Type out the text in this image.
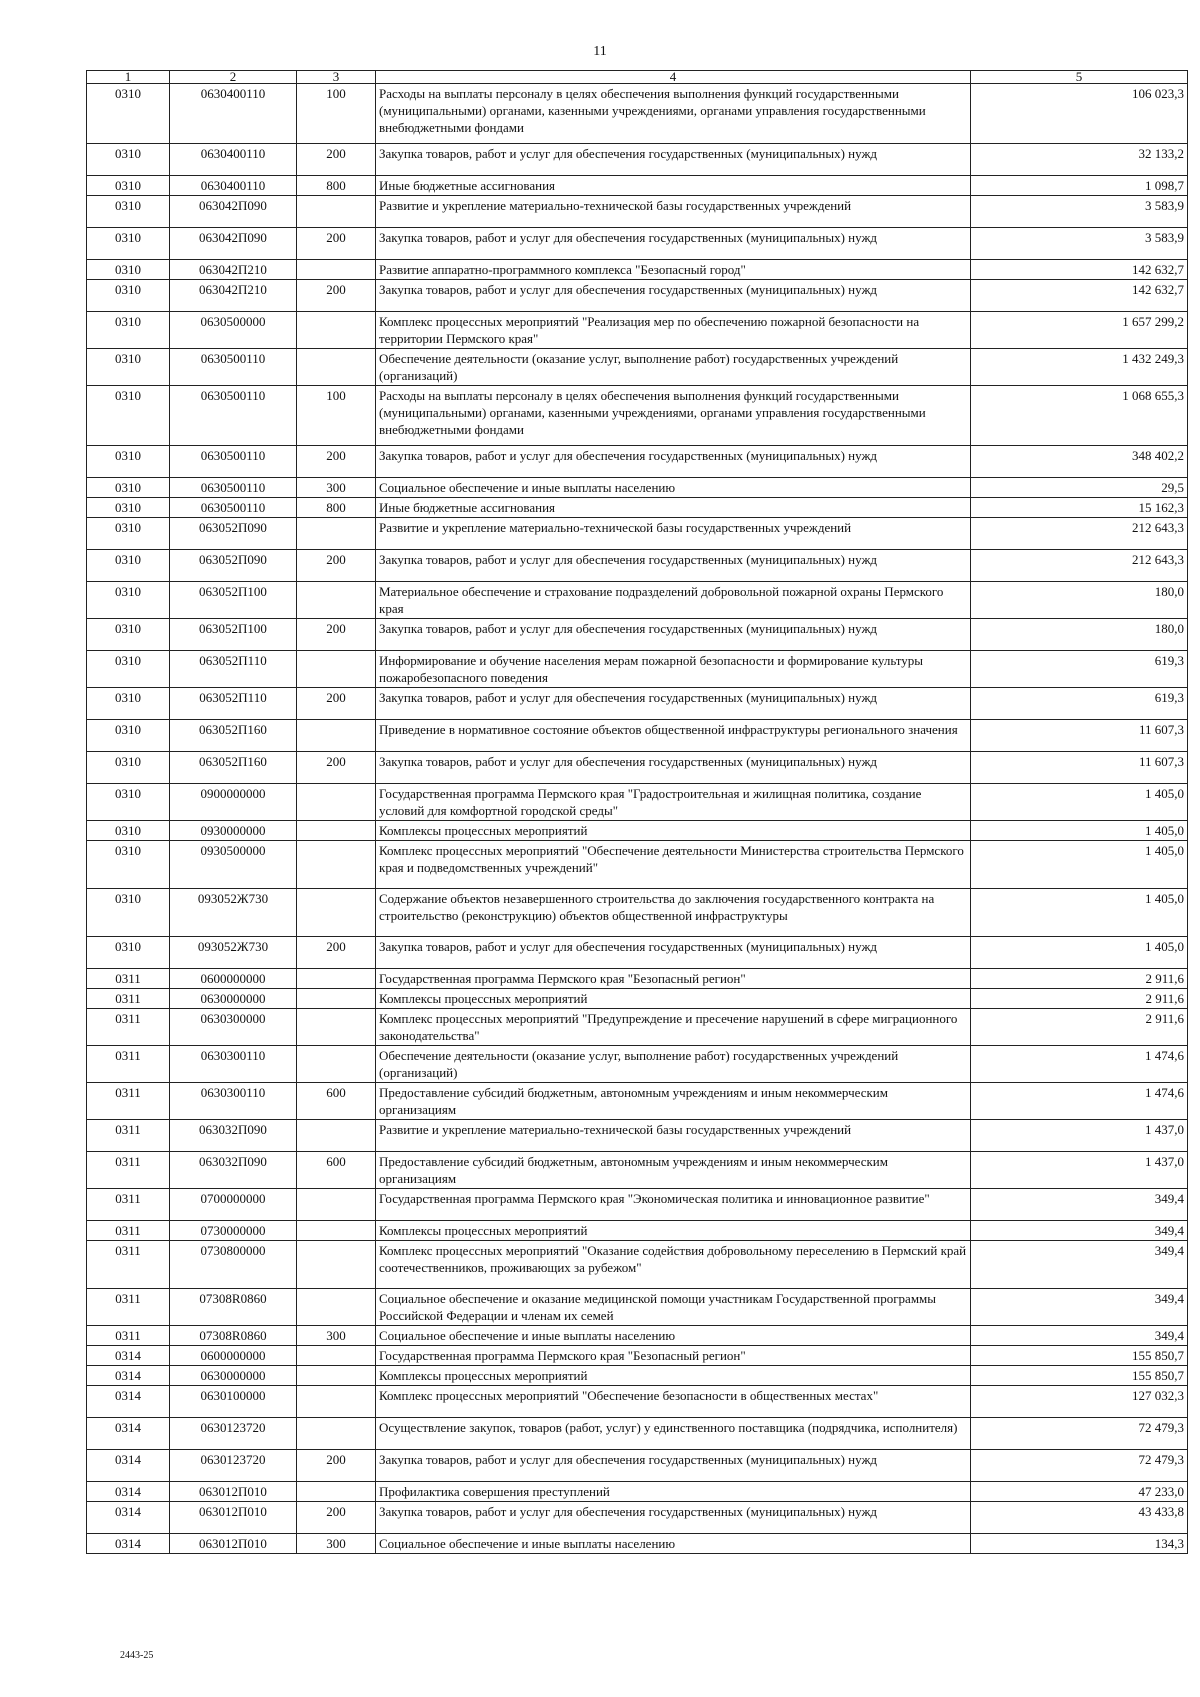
11
1	2	3	4	5
0310	0630400110	100	Расходы на выплаты персоналу в целях обеспечения выполнения функций государственными (муниципальными) органами, казенными учреждениями, органами управления государственными внебюджетными фондами	106 023,3
0310	0630400110	200	Закупка товаров, работ и услуг для обеспечения государственных (муниципальных) нужд	32 133,2
0310	0630400110	800	Иные бюджетные ассигнования	1 098,7
0310	063042П090		Развитие и укрепление материально-технической базы государственных учреждений	3 583,9
0310	063042П090	200	Закупка товаров, работ и услуг для обеспечения государственных (муниципальных) нужд	3 583,9
0310	063042П210		Развитие аппаратно-программного комплекса "Безопасный город"	142 632,7
0310	063042П210	200	Закупка товаров, работ и услуг для обеспечения государственных (муниципальных) нужд	142 632,7
0310	0630500000		Комплекс процессных мероприятий "Реализация мер по обеспечению пожарной безопасности на территории Пермского края"	1 657 299,2
0310	0630500110		Обеспечение деятельности (оказание услуг, выполнение работ) государственных учреждений (организаций)	1 432 249,3
0310	0630500110	100	Расходы на выплаты персоналу в целях обеспечения выполнения функций государственными (муниципальными) органами, казенными учреждениями, органами управления государственными внебюджетными фондами	1 068 655,3
0310	0630500110	200	Закупка товаров, работ и услуг для обеспечения государственных (муниципальных) нужд	348 402,2
0310	0630500110	300	Социальное обеспечение и иные выплаты населению	29,5
0310	0630500110	800	Иные бюджетные ассигнования	15 162,3
0310	063052П090		Развитие и укрепление материально-технической базы государственных учреждений	212 643,3
0310	063052П090	200	Закупка товаров, работ и услуг для обеспечения государственных (муниципальных) нужд	212 643,3
0310	063052П100		Материальное обеспечение и страхование подразделений добровольной пожарной охраны Пермского края	180,0
0310	063052П100	200	Закупка товаров, работ и услуг для обеспечения государственных (муниципальных) нужд	180,0
0310	063052П110		Информирование и обучение населения мерам пожарной безопасности и формирование культуры пожаробезопасного поведения	619,3
0310	063052П110	200	Закупка товаров, работ и услуг для обеспечения государственных (муниципальных) нужд	619,3
0310	063052П160		Приведение в нормативное состояние объектов общественной инфраструктуры регионального значения	11 607,3
0310	063052П160	200	Закупка товаров, работ и услуг для обеспечения государственных (муниципальных) нужд	11 607,3
0310	0900000000		Государственная программа Пермского края "Градостроительная и жилищная политика, создание условий для комфортной городской среды"	1 405,0
0310	0930000000		Комплексы процессных мероприятий	1 405,0
0310	0930500000		Комплекс процессных мероприятий "Обеспечение деятельности Министерства строительства Пермского края и подведомственных учреждений"	1 405,0
0310	093052Ж730		Содержание объектов незавершенного строительства до заключения государственного контракта на строительство (реконструкцию) объектов общественной инфраструктуры	1 405,0
0310	093052Ж730	200	Закупка товаров, работ и услуг для обеспечения государственных (муниципальных) нужд	1 405,0
0311	0600000000		Государственная программа Пермского края "Безопасный регион"	2 911,6
0311	0630000000		Комплексы процессных мероприятий	2 911,6
0311	0630300000		Комплекс процессных мероприятий "Предупреждение и пресечение нарушений в сфере миграционного законодательства"	2 911,6
0311	0630300110		Обеспечение деятельности (оказание услуг, выполнение работ) государственных учреждений (организаций)	1 474,6
0311	0630300110	600	Предоставление субсидий бюджетным, автономным учреждениям и иным некоммерческим организациям	1 474,6
0311	063032П090		Развитие и укрепление материально-технической базы государственных учреждений	1 437,0
0311	063032П090	600	Предоставление субсидий бюджетным, автономным учреждениям и иным некоммерческим организациям	1 437,0
0311	0700000000		Государственная программа Пермского края "Экономическая политика и инновационное развитие"	349,4
0311	0730000000		Комплексы процессных мероприятий	349,4
0311	0730800000		Комплекс процессных мероприятий "Оказание содействия добровольному переселению в Пермский край соотечественников, проживающих за рубежом"	349,4
0311	07308R0860		Социальное обеспечение и оказание медицинской помощи участникам Государственной программы Российской Федерации и членам их семей	349,4
0311	07308R0860	300	Социальное обеспечение и иные выплаты населению	349,4
0314	0600000000		Государственная программа Пермского края "Безопасный регион"	155 850,7
0314	0630000000		Комплексы процессных мероприятий	155 850,7
0314	0630100000		Комплекс процессных мероприятий "Обеспечение безопасности в общественных местах"	127 032,3
0314	0630123720		Осуществление закупок, товаров (работ, услуг) у единственного поставщика (подрядчика, исполнителя)	72 479,3
0314	0630123720	200	Закупка товаров, работ и услуг для обеспечения государственных (муниципальных) нужд	72 479,3
0314	063012П010		Профилактика совершения преступлений	47 233,0
0314	063012П010	200	Закупка товаров, работ и услуг для обеспечения государственных (муниципальных) нужд	43 433,8
0314	063012П010	300	Социальное обеспечение и иные выплаты населению	134,3
2443-25
